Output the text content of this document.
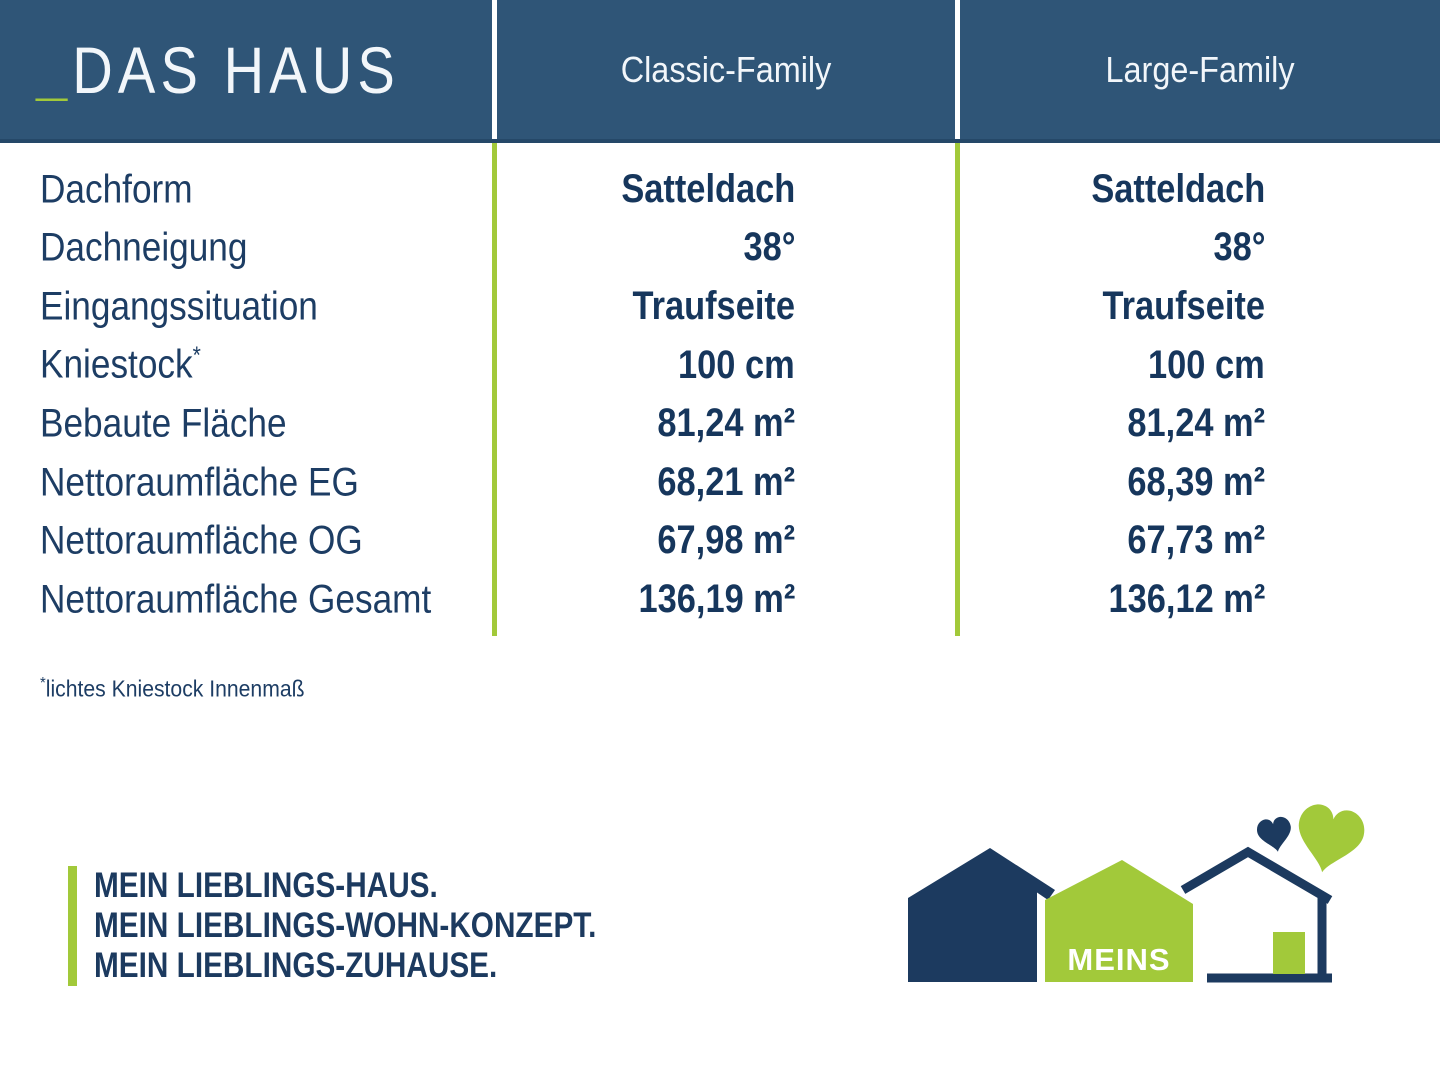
_DAS HAUS	Classic-Family	Large-Family
Dachform	Satteldach	Satteldach
Dachneigung	38°	38°
Eingangssituation	Traufseite	Traufseite
Kniestock*	100 cm	100 cm
Bebaute Fläche	81,24 m²	81,24 m²
Nettoraumfläche EG	68,21 m²	68,39 m²
Nettoraumfläche OG	67,98 m²	67,73 m²
Nettoraumfläche Gesamt	136,19 m²	136,12 m²
*lichtes Kniestock Innenmaß
MEIN LIEBLINGS-HAUS.
MEIN LIEBLINGS-WOHN-KONZEPT.
MEIN LIEBLINGS-ZUHAUSE.	MEINS
